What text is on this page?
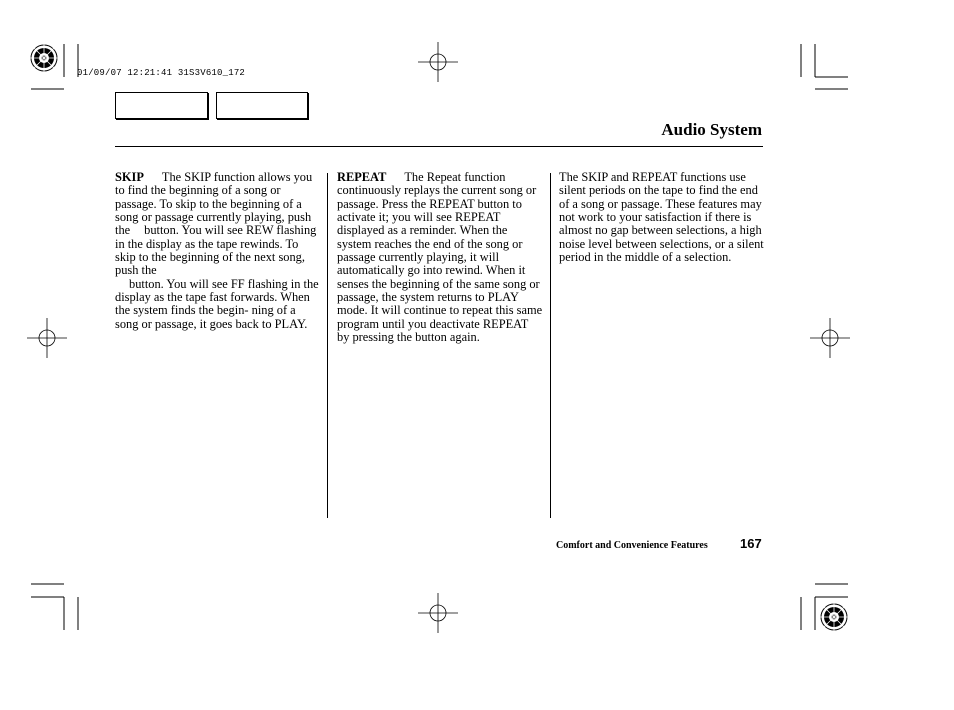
01/09/07 12:21:41 31S3V610_172
Audio System

SKIP The SKIP function allows you to find the beginning of a song or passage. To skip to the beginning of a song or passage currently playing, push the button. You will see REW flashing in the display as the tape rewinds. To skip to the beginning of the next song, push the
button. You will see FF flashing in the display as the tape fast forwards. When the system finds the begin- ning of a song or passage, it goes back to PLAY.

REPEAT The Repeat function continuously replays the current song or passage. Press the REPEAT button to activate it; you will see REPEAT displayed as a reminder. When the system reaches the end of the song or passage currently playing, it will automatically go into rewind. When it senses the beginning of the same song or passage, the system returns to PLAY mode. It will continue to repeat this same program until you deactivate REPEAT by pressing the button again.

The SKIP and REPEAT functions use silent periods on the tape to find the end of a song or passage. These features may not work to your satisfaction if there is almost no gap between selections, a high noise level between selections, or a silent period in the middle of a selection.

Comfort and Convenience Features 167
